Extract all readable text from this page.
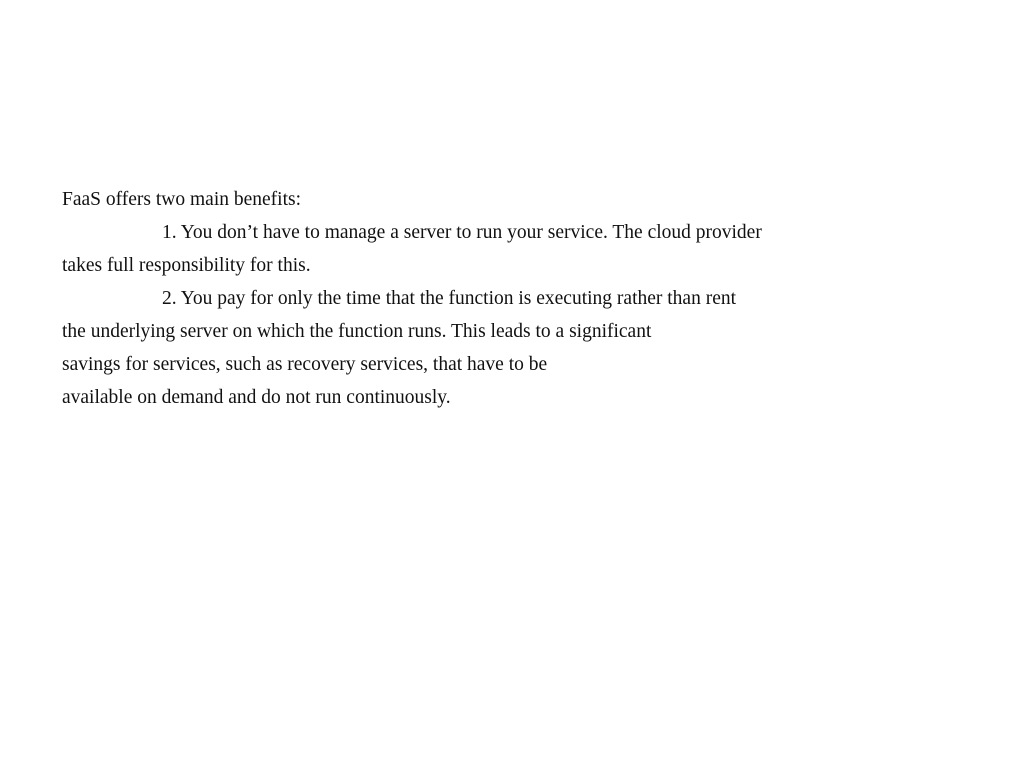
FaaS offers two main benefits:
1. You don’t have to manage a server to run your service. The cloud provider
takes full responsibility for this.
2. You pay for only the time that the function is executing rather than rent
the underlying server on which the function runs. This leads to a significant
savings for services, such as recovery services, that have to be
available on demand and do not run continuously.
